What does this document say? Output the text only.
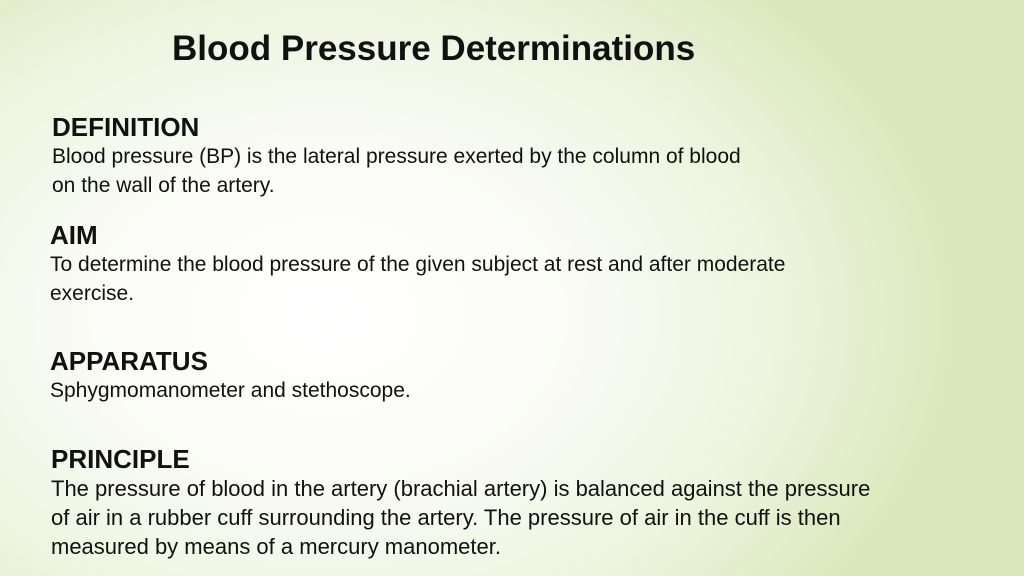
Blood Pressure Determinations
DEFINITION

Blood pressure (BP) is the lateral pressure exerted by the column of blood
on the wall of the artery.

AIM

To determine the blood pressure of the given subject at rest and after moderate
exercise.

APPARATUS

Sphygmomanometer and stethoscope.

PRINCIPLE

The pressure of blood in the artery (brachial artery) is balanced against the pressure
of air in a rubber cuff surrounding the artery. The pressure of air in the cuff is then
measured by means of a mercury manometer.
